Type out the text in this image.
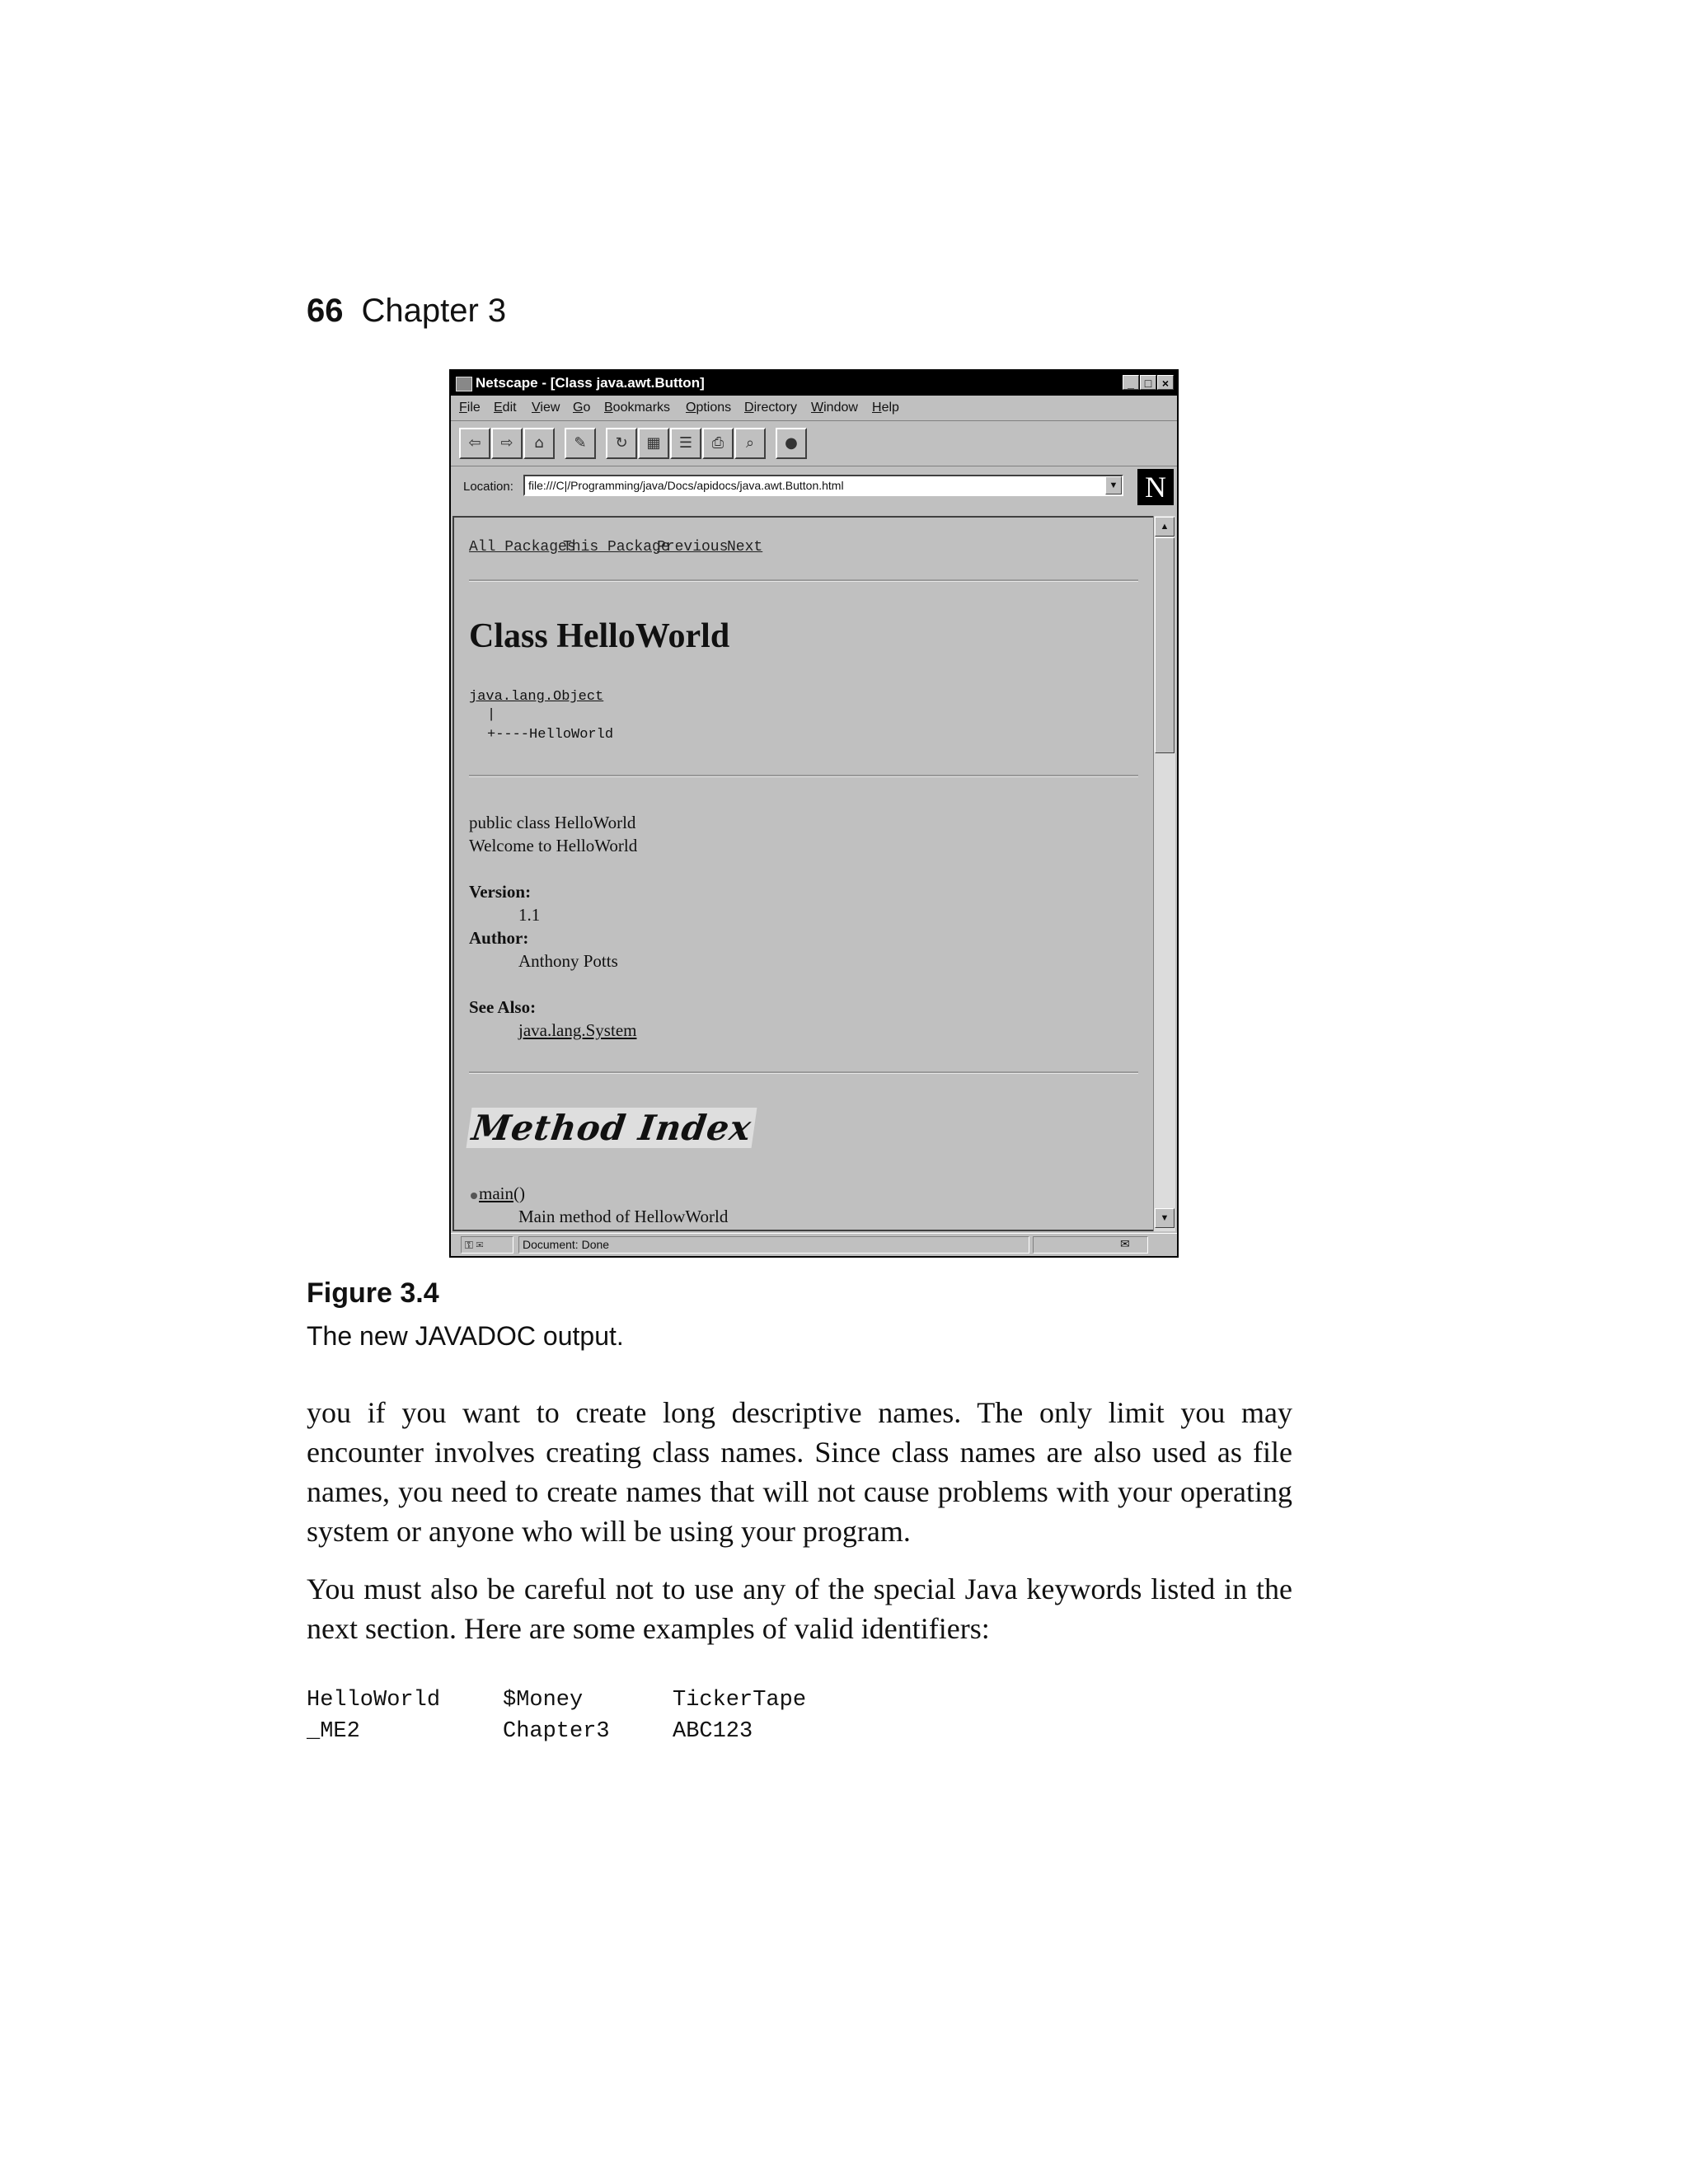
66 Chapter 3
Netscape - [Class java.awt.Button]	_ □ ×
File Edit View Go Bookmarks Options Directory Window Help
⇦	⇨	⌂	✎	↻	▦	☰	⎙	⌕	●
Location:	file:///C|/Programming/java/Docs/apidocs/java.awt.Button.html	▼ N
All Packages
This Package
Previous
Next
Class HelloWorld
java.lang.Object
|
+----HelloWorld
public class HelloWorld
Welcome to HelloWorld
Version:
1.1
Author:
Anthony Potts
See Also:
java.lang.System
Method Index
main()
Main method of HellowWorld
▲
▼
⚿ ✉	Document: Done	✉
Figure 3.4
The new JAVADOC output.

you if you want to create long descriptive names. The only limit you may encounter involves creating class names. Since class names are also used as file names, you need to create names that will not cause problems with your operating system or anyone who will be using your program.

You must also be careful not to use any of the special Java keywords listed in the next section. Here are some examples of valid identifiers:

HelloWorld	$Money	TickerTape
_ME2	Chapter3	ABC123
